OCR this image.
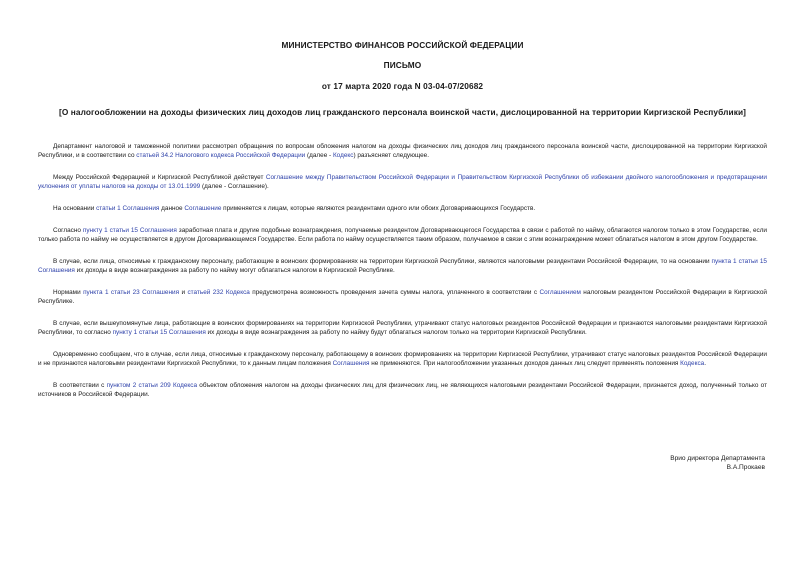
МИНИСТЕРСТВО ФИНАНСОВ РОССИЙСКОЙ ФЕДЕРАЦИИ
ПИСЬМО
от 17 марта 2020 года N 03-04-07/20682
[О налогообложении на доходы физических лиц доходов лиц гражданского персонала воинской части, дислоцированной на территории Киргизской Республики]

Департамент налоговой и таможенной политики рассмотрел обращения по вопросам обложения налогом на доходы физических лиц доходов лиц гражданского персонала воинской части, дислоцированной на территории Киргизской Республики, и в соответствии со статьей 34.2 Налогового кодекса Российской Федерации (далее - Кодекс) разъясняет следующее.

Между Российской Федерацией и Киргизской Республикой действует Соглашение между Правительством Российской Федерации и Правительством Киргизской Республики об избежании двойного налогообложения и предотвращении уклонения от уплаты налогов на доходы от 13.01.1999 (далее - Соглашение).

На основании статьи 1 Соглашения данное Соглашение применяется к лицам, которые являются резидентами одного или обоих Договаривающихся Государств.

Согласно пункту 1 статьи 15 Соглашения заработная плата и другие подобные вознаграждения, получаемые резидентом Договаривающегося Государства в связи с работой по найму, облагаются налогом только в этом Государстве, если только работа по найму не осуществляется в другом Договаривающемся Государстве. Если работа по найму осуществляется таким образом, получаемое в связи с этим вознаграждение может облагаться налогом в этом другом Государстве.

В случае, если лица, относимые к гражданскому персоналу, работающие в воинских формированиях на территории Киргизской Республики, являются налоговыми резидентами Российской Федерации, то на основании пункта 1 статьи 15 Соглашения их доходы в виде вознаграждения за работу по найму могут облагаться налогом в Киргизской Республике.

Нормами пункта 1 статьи 23 Соглашения и статьей 232 Кодекса предусмотрена возможность проведения зачета суммы налога, уплаченного в соответствии с Соглашением налоговым резидентом Российской Федерации в Киргизской Республике.

В случае, если вышеупомянутые лица, работающие в воинских формированиях на территории Киргизской Республики, утрачивают статус налоговых резидентов Российской Федерации и признаются налоговыми резидентами Киргизской Республики, то согласно пункту 1 статьи 15 Соглашения их доходы в виде вознаграждения за работу по найму будут облагаться налогом только на территории Киргизской Республики.

Одновременно сообщаем, что в случае, если лица, относимые к гражданскому персоналу, работающему в воинских формированиях на территории Киргизской Республики, утрачивают статус налоговых резидентов Российской Федерации и не признаются налоговыми резидентами Киргизской Республики, то к данным лицам положения Соглашения не применяются. При налогообложении указанных доходов данных лиц следует применять положения Кодекса.

В соответствии с пунктом 2 статьи 209 Кодекса объектом обложения налогом на доходы физических лиц для физических лиц, не являющихся налоговыми резидентами Российской Федерации, признается доход, полученный только от источников в Российской Федерации.

Врио директора Департамента
В.А.Прокаев
